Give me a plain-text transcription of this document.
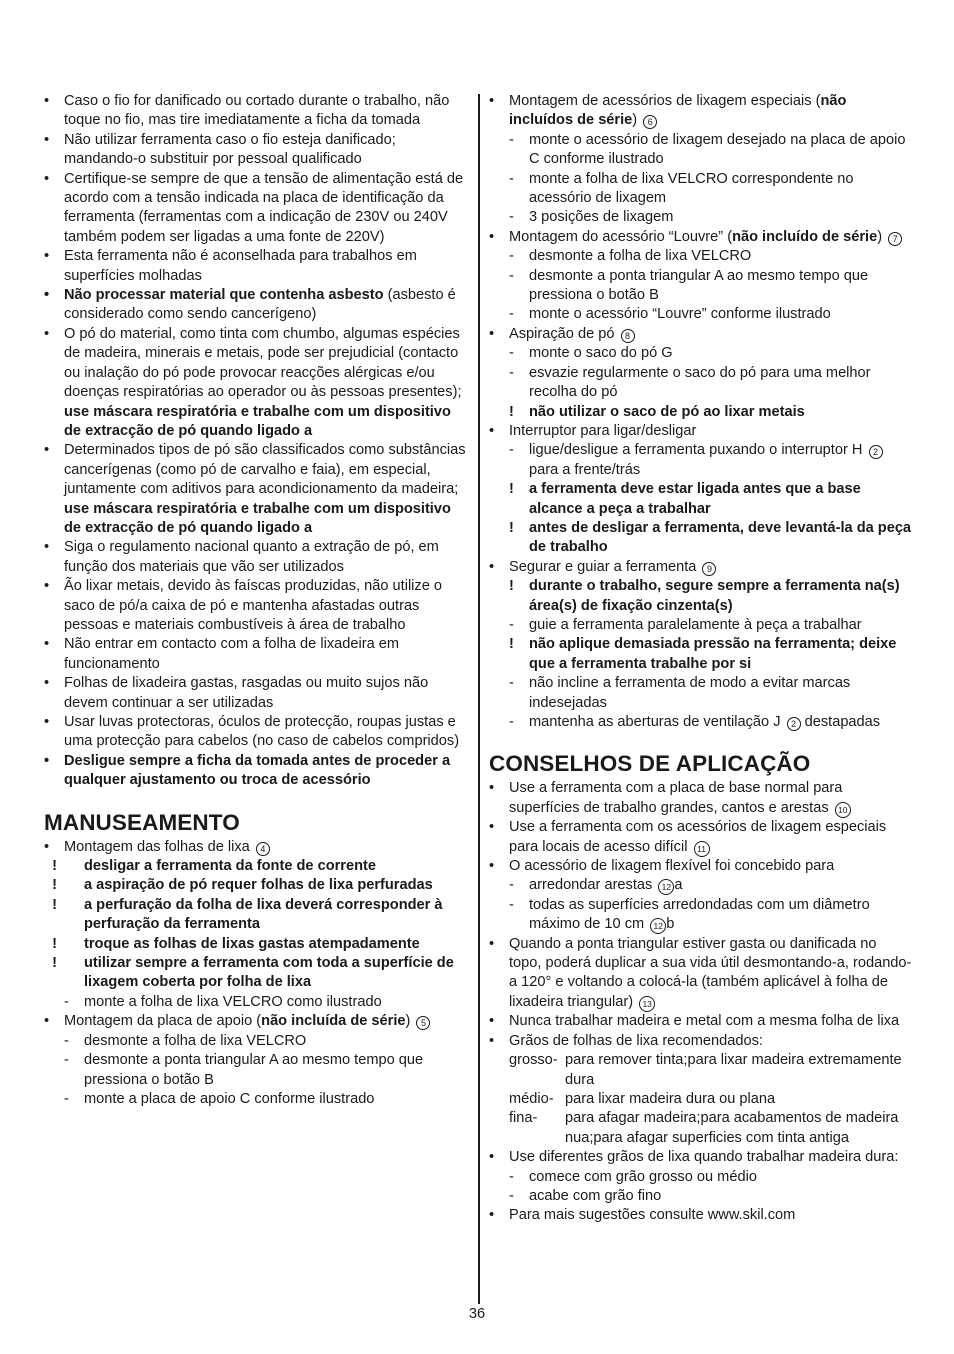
• Caso o fio for danificado ou cortado durante o trabalho, não toque no fio, mas tire imediatamente a ficha da tomada
• Não utilizar ferramenta caso o fio esteja danificado; mandando-o substituir por pessoal qualificado
• Certifique-se sempre de que a tensão de alimentação está de acordo com a tensão indicada na placa de identificação da ferramenta (ferramentas com a indicação de 230V ou 240V também podem ser ligadas a uma fonte de 220V)
• Esta ferramenta não é aconselhada para trabalhos em superfícies molhadas
• Não processar material que contenha asbesto (asbesto é considerado como sendo cancerígeno)
• O pó do material, como tinta com chumbo, algumas espécies de madeira, minerais e metais, pode ser prejudicial (contacto ou inalação do pó pode provocar reacções alérgicas e/ou doenças respiratórias ao operador ou às pessoas presentes); use máscara respiratória e trabalhe com um dispositivo de extracção de pó quando ligado a
• Determinados tipos de pó são classificados como substâncias cancerígenas (como pó de carvalho e faia), em especial, juntamente com aditivos para acondicionamento da madeira; use máscara respiratória e trabalhe com um dispositivo de extracção de pó quando ligado a
• Siga o regulamento nacional quanto a extração de pó, em função dos materiais que vão ser utilizados
• Ão lixar metais, devido às faíscas produzidas, não utilize o saco de pó/a caixa de pó e mantenha afastadas outras pessoas e materiais combustíveis à área de trabalho
• Não entrar em contacto com a folha de lixadeira em funcionamento
• Folhas de lixadeira gastas, rasgadas ou muito sujos não devem continuar a ser utilizadas
• Usar luvas protectoras, óculos de protecção, roupas justas e uma protecção para cabelos (no caso de cabelos compridos)
• Desligue sempre a ficha da tomada antes de proceder a qualquer ajustamento ou troca de acessório
MANUSEAMENTO
• Montagem das folhas de lixa 4
!	desligar a ferramenta da fonte de corrente
!	a aspiração de pó requer folhas de lixa perfuradas
!	a perfuração da folha de lixa deverá corresponder à perfuração da ferramenta
!	troque as folhas de lixas gastas atempadamente
!	utilizar sempre a ferramenta com toda a superfície de lixagem coberta por folha de lixa
- monte a folha de lixa VELCRO como ilustrado
• Montagem da placa de apoio (não incluída de série) 5
- desmonte a folha de lixa VELCRO
- desmonte a ponta triangular A ao mesmo tempo que pressiona o botão B
- monte a placa de apoio C conforme ilustrado
• Montagem de acessórios de lixagem especiais (não incluídos de série) 6
- monte o acessório de lixagem desejado na placa de apoio C conforme ilustrado
- monte a folha de lixa VELCRO correspondente no acessório de lixagem
- 3 posições de lixagem
• Montagem do acessório “Louvre” (não incluído de série) 7
- desmonte a folha de lixa VELCRO
- desmonte a ponta triangular A ao mesmo tempo que pressiona o botão B
- monte o acessório “Louvre” conforme ilustrado
• Aspiração de pó 8
- monte o saco do pó G
- esvazie regularmente o saco do pó para uma melhor recolha do pó
! não utilizar o saco de pó ao lixar metais
• Interruptor para ligar/desligar
- ligue/desligue a ferramenta puxando o interruptor H 2 para a frente/trás
! a ferramenta deve estar ligada antes que a base alcance a peça a trabalhar
! antes de desligar a ferramenta, deve levantá-la da peça de trabalho
• Segurar e guiar a ferramenta 9
! durante o trabalho, segure sempre a ferramenta na(s) área(s) de fixação cinzenta(s)
- guie a ferramenta paralelamente à peça a trabalhar
! não aplique demasiada pressão na ferramenta; deixe que a ferramenta trabalhe por si
- não incline a ferramenta de modo a evitar marcas indesejadas
- mantenha as aberturas de ventilação J 2 destapadas
CONSELHOS DE APLICAÇÃO
• Use a ferramenta com a placa de base normal para superfícies de trabalho grandes, cantos e arestas 10
• Use a ferramenta com os acessórios de lixagem especiais para locais de acesso difícil 11
• O acessório de lixagem flexível foi concebido para
- arredondar arestas 12 a
- todas as superfícies arredondadas com um diâmetro máximo de 10 cm 12 b
• Quando a ponta triangular estiver gasta ou danificada no topo, poderá duplicar a sua vida útil desmontando-a, rodando-a 120° e voltando a colocá-la (também aplicável à folha de lixadeira triangular) 13
• Nunca trabalhar madeira e metal com a mesma folha de lixa
• Grãos de folhas de lixa recomendados:
grosso- para remover tinta;para lixar madeira extremamente dura
médio- para lixar madeira dura ou plana
fina-	para afagar madeira;para acabamentos de madeira nua;para afagar superficies com tinta antiga
• Use diferentes grãos de lixa quando trabalhar madeira dura:
- comece com grão grosso ou médio
- acabe com grão fino
• Para mais sugestões consulte www.skil.com
36
